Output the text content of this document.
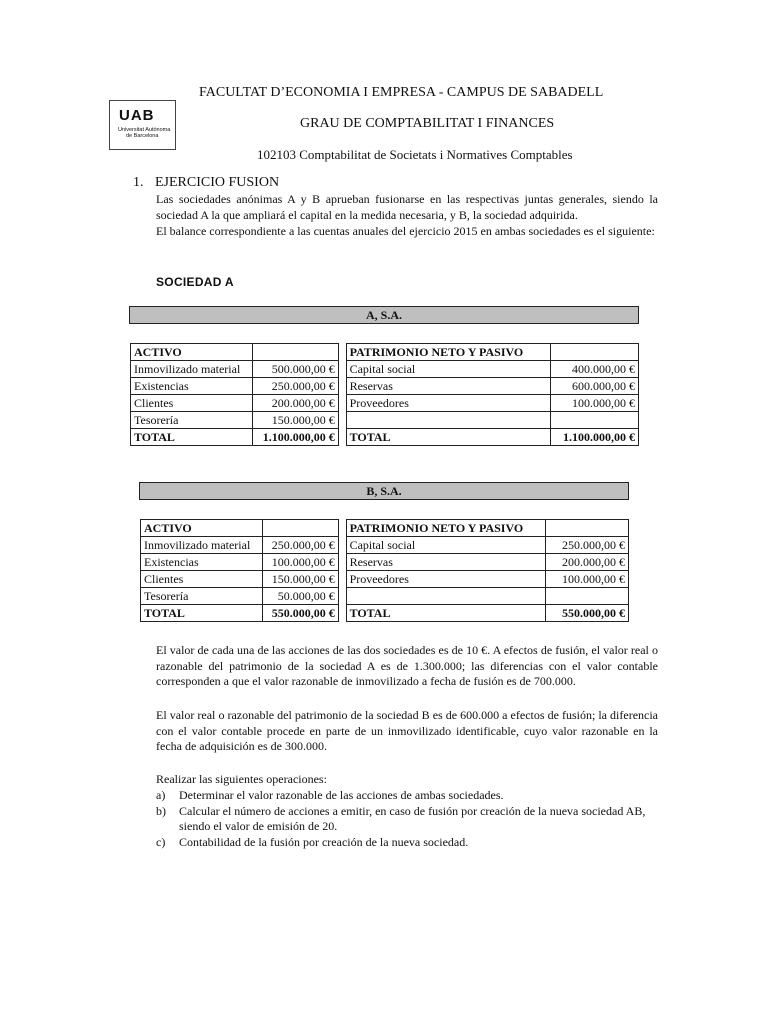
FACULTAT D’ECONOMIA I EMPRESA - CAMPUS DE SABADELL
UAB
Universitat Autònoma
de Barcelona
GRAU DE COMPTABILITAT I FINANCES
102103 Comptabilitat de Societats i Normatives Comptables
1. EJERCICIO FUSION
Las sociedades anónimas A y B aprueban fusionarse en las respectivas juntas generales, siendo la sociedad A la que ampliará el capital en la medida necesaria, y B, la sociedad adquirida.
El balance correspondiente a las cuentas anuales del ejercicio 2015 en ambas sociedades es el siguiente:
SOCIEDAD A
A, S.A.
ACTIVO			PATRIMONIO NETO Y PASIVO	
Inmovilizado material	500.000,00 €		Capital social	400.000,00 €
Existencias	250.000,00 €		Reservas	600.000,00 €
Clientes	200.000,00 €		Proveedores	100.000,00 €
Tesorería	150.000,00 €			
TOTAL	1.100.000,00 €		TOTAL	1.100.000,00 €
B, S.A.
ACTIVO			PATRIMONIO NETO Y PASIVO	
Inmovilizado material	250.000,00 €		Capital social	250.000,00 €
Existencias	100.000,00 €		Reservas	200.000,00 €
Clientes	150.000,00 €		Proveedores	100.000,00 €
Tesorería	50.000,00 €			
TOTAL	550.000,00 €		TOTAL	550.000,00 €
El valor de cada una de las acciones de las dos sociedades es de 10 €. A efectos de fusión, el valor real o razonable del patrimonio de la sociedad A es de 1.300.000; las diferencias con el valor contable corresponden a que el valor razonable de inmovilizado a fecha de fusión es de 700.000.
El valor real o razonable del patrimonio de la sociedad B es de 600.000 a efectos de fusión; la diferencia con el valor contable procede en parte de un inmovilizado identificable, cuyo valor razonable en la fecha de adquisición es de 300.000.
Realizar las siguientes operaciones:
a) Determinar el valor razonable de las acciones de ambas sociedades.
b) Calcular el número de acciones a emitir, en caso de fusión por creación de la nueva sociedad AB, siendo el valor de emisión de 20.
c) Contabilidad de la fusión por creación de la nueva sociedad.
